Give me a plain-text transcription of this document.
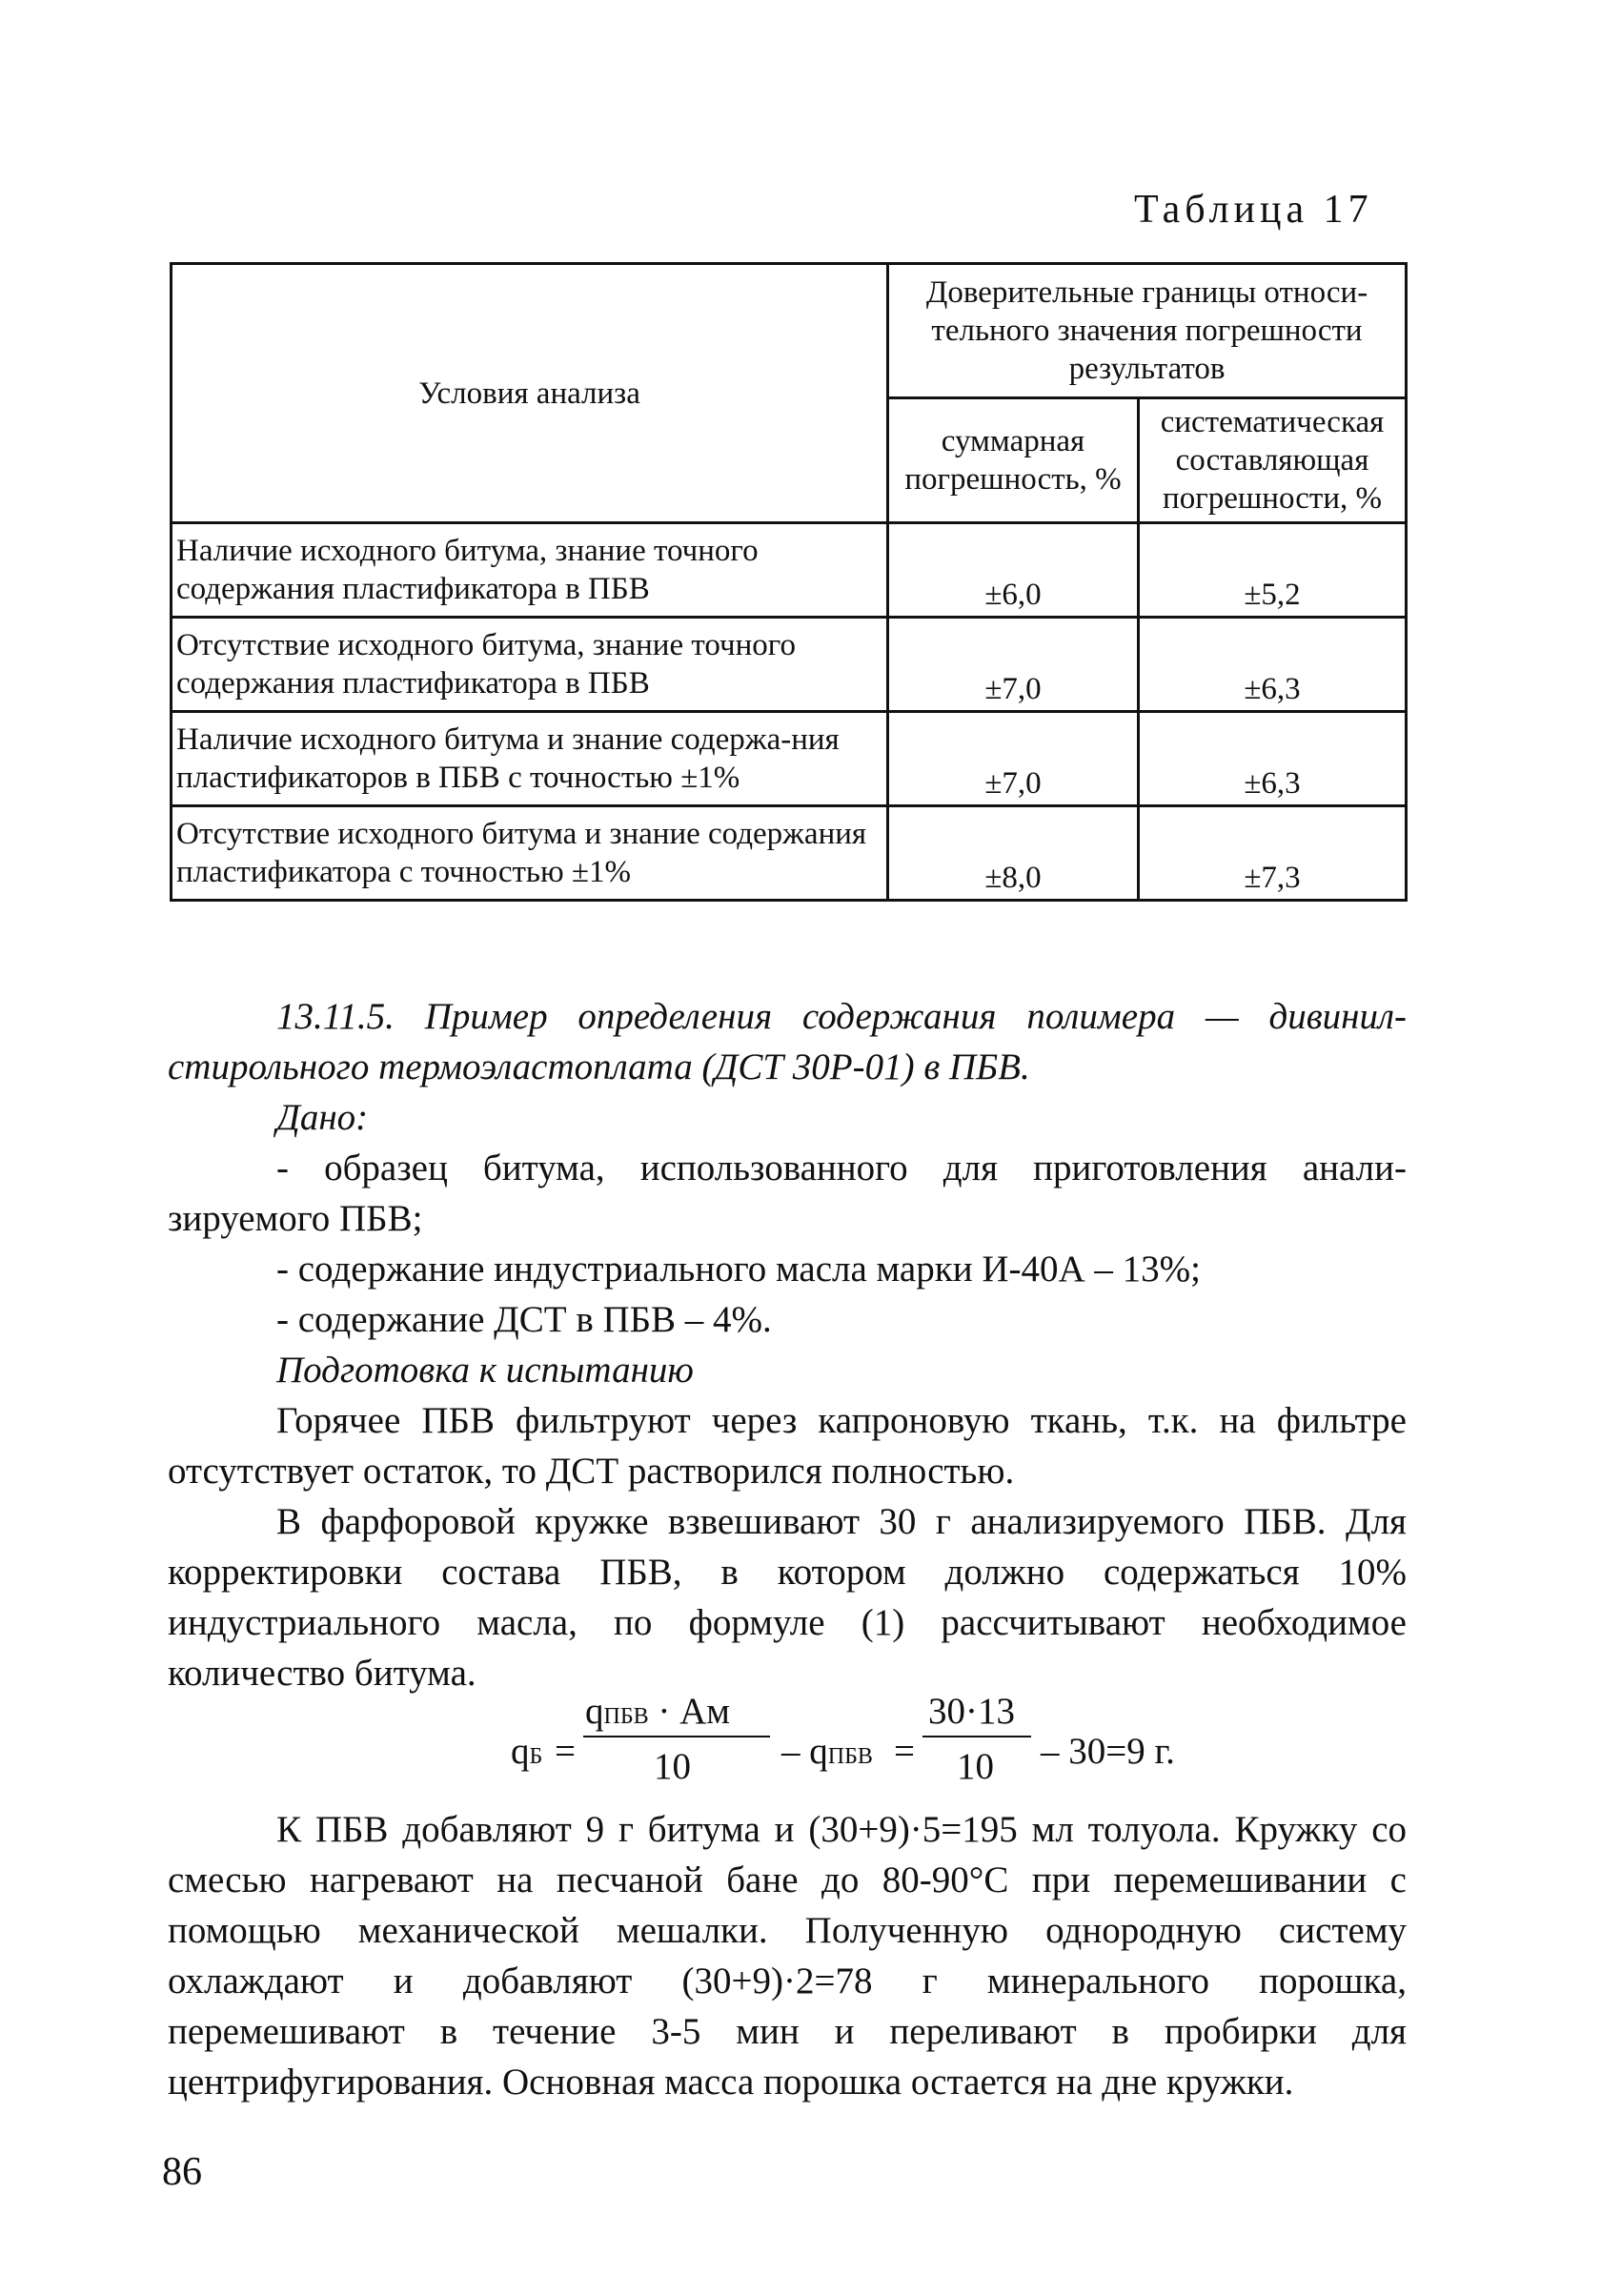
Таблица 17
Условия анализа	Доверительные границы относи-тельного значения погрешности результатов	
	суммарная погрешность, %	систематическая составляющая погрешности, %
Наличие исходного битума, знание точного содержания пластификатора в ПБВ	±6,0	±5,2
Отсутствие исходного битума, знание точного содержания пластификатора в ПБВ	±7,0	±6,3
Наличие исходного битума и знание содержа-ния пластификаторов в ПБВ с точностью ±1%	±7,0	±6,3
Отсутствие исходного битума и знание содержания пластификатора с точностью ±1%	±8,0	±7,3

13.11.5. Пример определения содержания полимера — дивинил-стирольного термоэластоплата (ДСТ 30Р-01) в ПБВ.

Дано:

- образец битума, использованного для приготовления анали-зируемого ПБВ;

- содержание индустриального масла марки И-40А – 13%;

- содержание ДСТ в ПБВ – 4%.

Подготовка к испытанию

Горячее ПБВ фильтруют через капроновую ткань, т.к. на фильтре отсутствует остаток, то ДСТ растворился полностью.

В фарфоровой кружке взвешивают 30 г анализируемого ПБВ. Для корректировки состава ПБВ, в котором должно содержаться 10% индустриального масла, по формуле (1) рассчитывают необходимое количество битума.

qБ =
qПБВ · Ам
10 – qПБВ =
30·13
10 – 30=9 г.

К ПБВ добавляют 9 г битума и (30+9)·5=195 мл толуола. Кружку со смесью нагревают на песчаной бане до 80-90°С при перемешивании с помощью механической мешалки. Полученную однородную систему охлаждают и добавляют (30+9)·2=78 г минерального порошка, перемешивают в течение 3-5 мин и переливают в пробирки для центрифугирования. Основная масса порошка остается на дне кружки.

86
